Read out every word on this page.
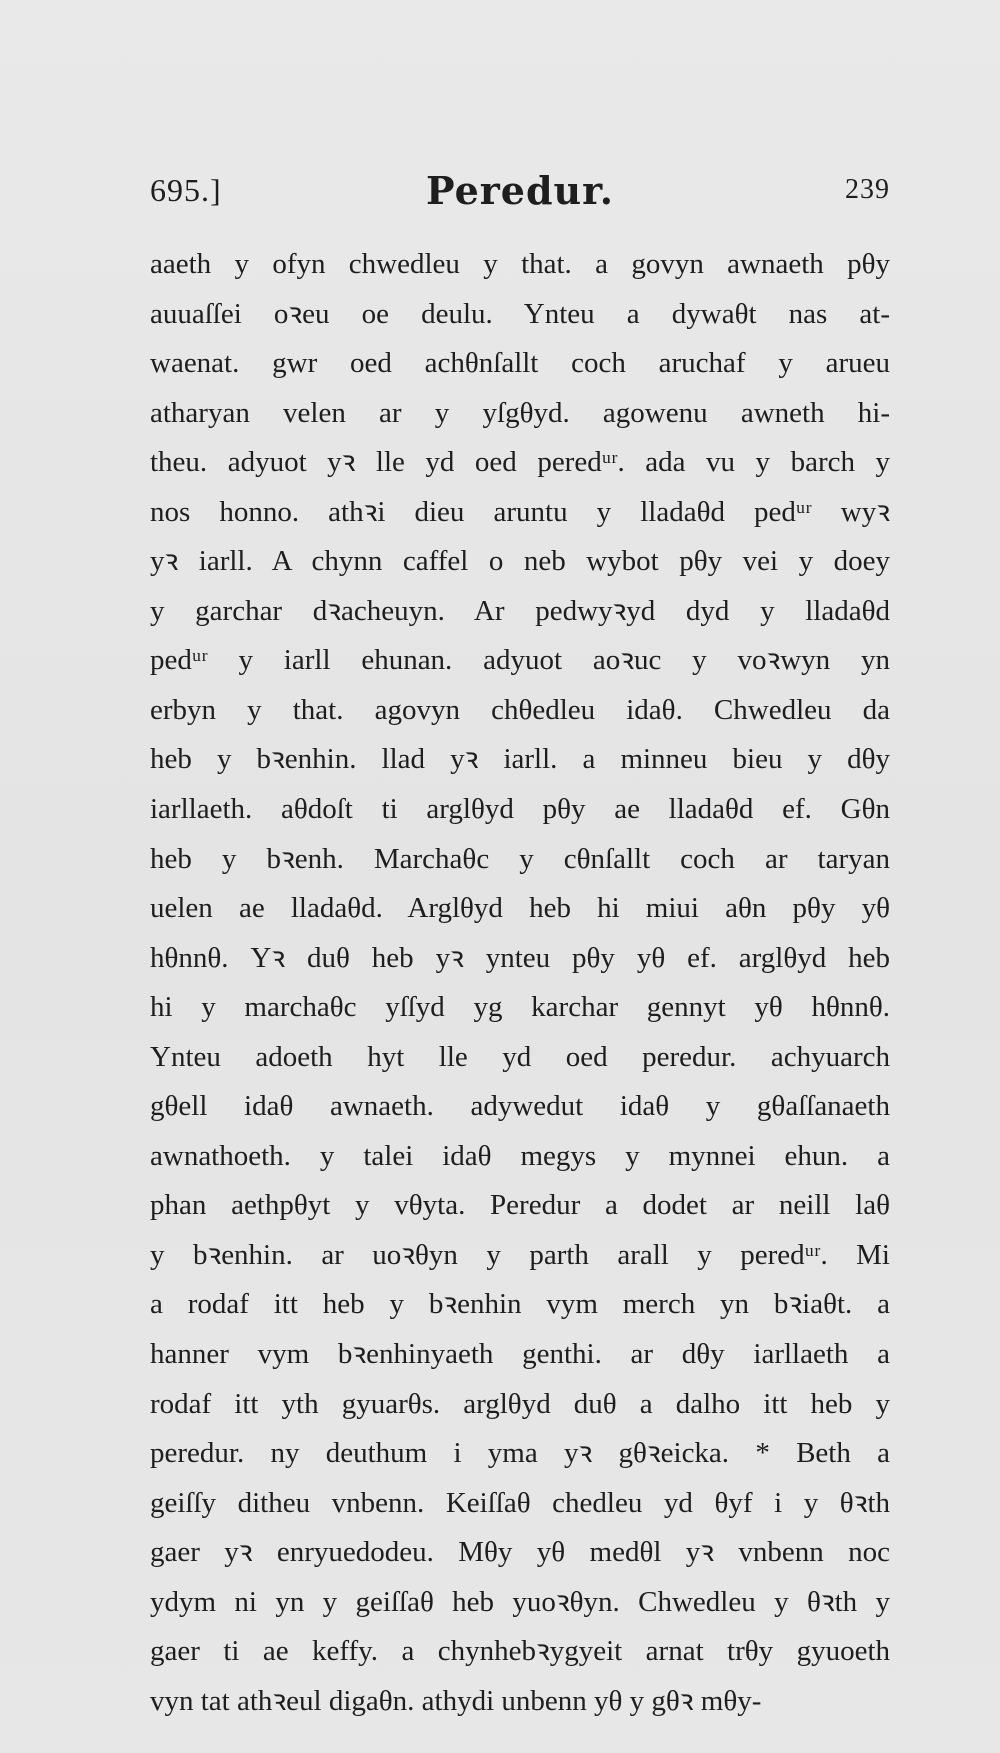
695.]	Peredur.	239
aaeth y ofyn chwedleu y that. a govyn awnaeth pθy
auuaſſei oꝛeu oe deulu. Ynteu a dywaθt nas at-
waenat. gwr oed achθnſallt coch aruchaf y arueu
atharyan velen ar y yſgθyd. agowenu awneth hi-
theu. adyuot yꝛ lle yd oed peredᵘʳ. ada vu y barch y
nos honno. athꝛi dieu aruntu y lladaθd pedᵘʳ wyꝛ
yꝛ iarll. A chynn caffel o neb wybot pθy vei y doey
y garchar dꝛacheuyn. Ar pedwyꝛyd dyd y lladaθd
pedᵘʳ y iarll ehunan. adyuot aoꝛuc y voꝛwyn yn
erbyn y that. agovyn chθedleu idaθ. Chwedleu da
heb y bꝛenhin. llad yꝛ iarll. a minneu bieu y dθy
iarllaeth. aθdoſt ti arglθyd pθy ae lladaθd ef. Gθn
heb y bꝛenh. Marchaθc y cθnſallt coch ar taryan
uelen ae lladaθd. Arglθyd heb hi miui aθn pθy yθ
hθnnθ. Yꝛ duθ heb yꝛ ynteu pθy yθ ef. arglθyd heb
hi y marchaθc yſſyd yg karchar gennyt yθ hθnnθ.
Ynteu adoeth hyt lle yd oed peredur. achyuarch
gθell idaθ awnaeth. adywedut idaθ y gθaſſanaeth
awnathoeth. y talei idaθ megys y mynnei ehun. a
phan aethpθyt y vθyta. Peredur a dodet ar neill laθ
y bꝛenhin. ar uoꝛθyn y parth arall y peredᵘʳ. Mi
a rodaf itt heb y bꝛenhin vym merch yn bꝛiaθt. a
hanner vym bꝛenhinyaeth genthi. ar dθy iarllaeth a
rodaf itt yth gyuarθs. arglθyd duθ a dalho itt heb y
peredur. ny deuthum i yma yꝛ gθꝛeicka. * Beth a
geiſſy ditheu vnbenn. Keiſſaθ chedleu yd θyf i y θꝛth
gaer yꝛ enryuedodeu. Mθy yθ medθl yꝛ vnbenn noc
ydym ni yn y geiſſaθ heb yuoꝛθyn. Chwedleu y θꝛth y
gaer ti ae keffy. a chynhebꝛygyeit arnat trθy gyuoeth
vyn tat athꝛeul digaθn. athydi unbenn yθ y gθꝛ mθy-
